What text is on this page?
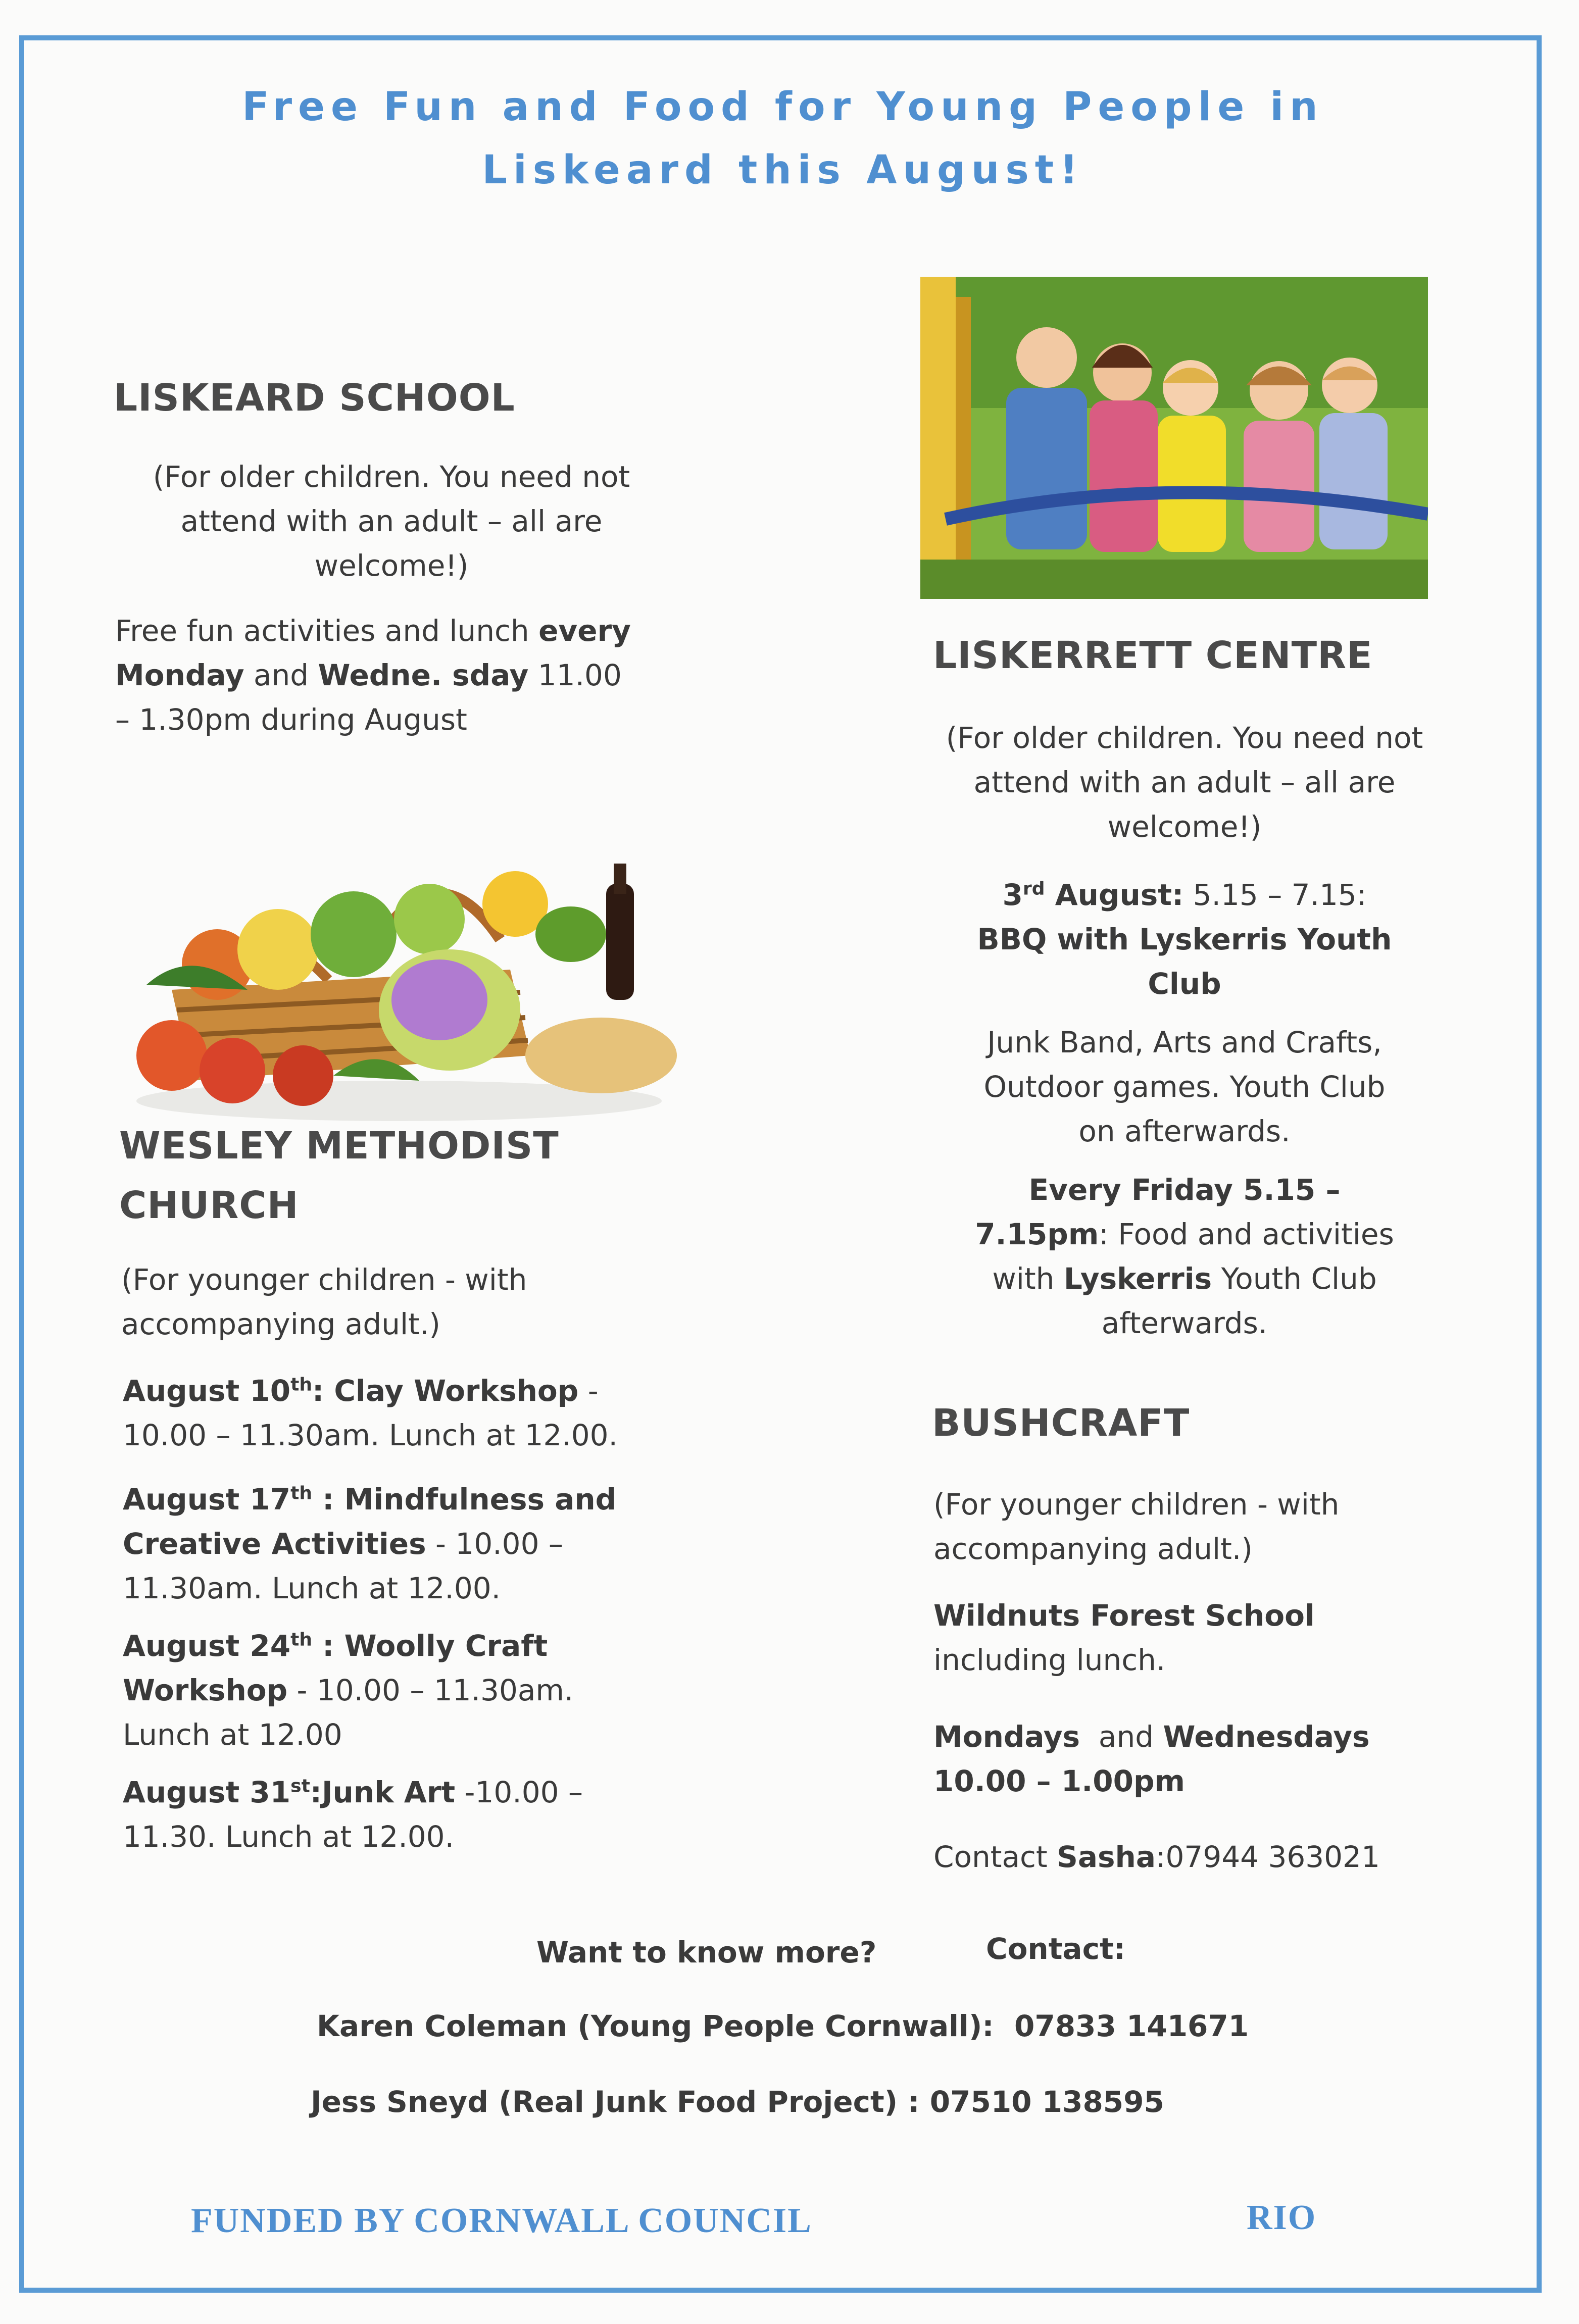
Free Fun and Food for Young People in
Liskeard this August!
LISKEARD SCHOOL
(For older children. You need not
attend with an adult – all are
welcome!)
Free fun activities and lunch every
Monday and Wedne. sday 11.00
– 1.30pm during August
WESLEY METHODIST
CHURCH
(For younger children - with
accompanying adult.)
August 10th: Clay Workshop -
10.00 – 11.30am. Lunch at 12.00.
August 17th : Mindfulness and
Creative Activities - 10.00 –
11.30am. Lunch at 12.00.
August 24th : Woolly Craft
Workshop - 10.00 – 11.30am.
Lunch at 12.00
August 31st:Junk Art -10.00 –
11.30. Lunch at 12.00.
LISKERRETT CENTRE
(For older children. You need not
attend with an adult – all are
welcome!)
3rd August: 5.15 – 7.15:
BBQ with Lyskerris Youth
Club
Junk Band, Arts and Crafts,
Outdoor games. Youth Club
on afterwards.
Every Friday 5.15 –
7.15pm: Food and activities
with Lyskerris Youth Club
afterwards.
BUSHCRAFT
(For younger children - with
accompanying adult.)
Wildnuts Forest School
including lunch.
Mondays  and Wednesdays
10.00 – 1.00pm
Contact Sasha:07944 363021
Want to know more?	Contact:
Karen Coleman (Young People Cornwall):  07833 141671
Jess Sneyd (Real Junk Food Project) : 07510 138595
FUNDED BY CORNWALL COUNCIL	RIO
